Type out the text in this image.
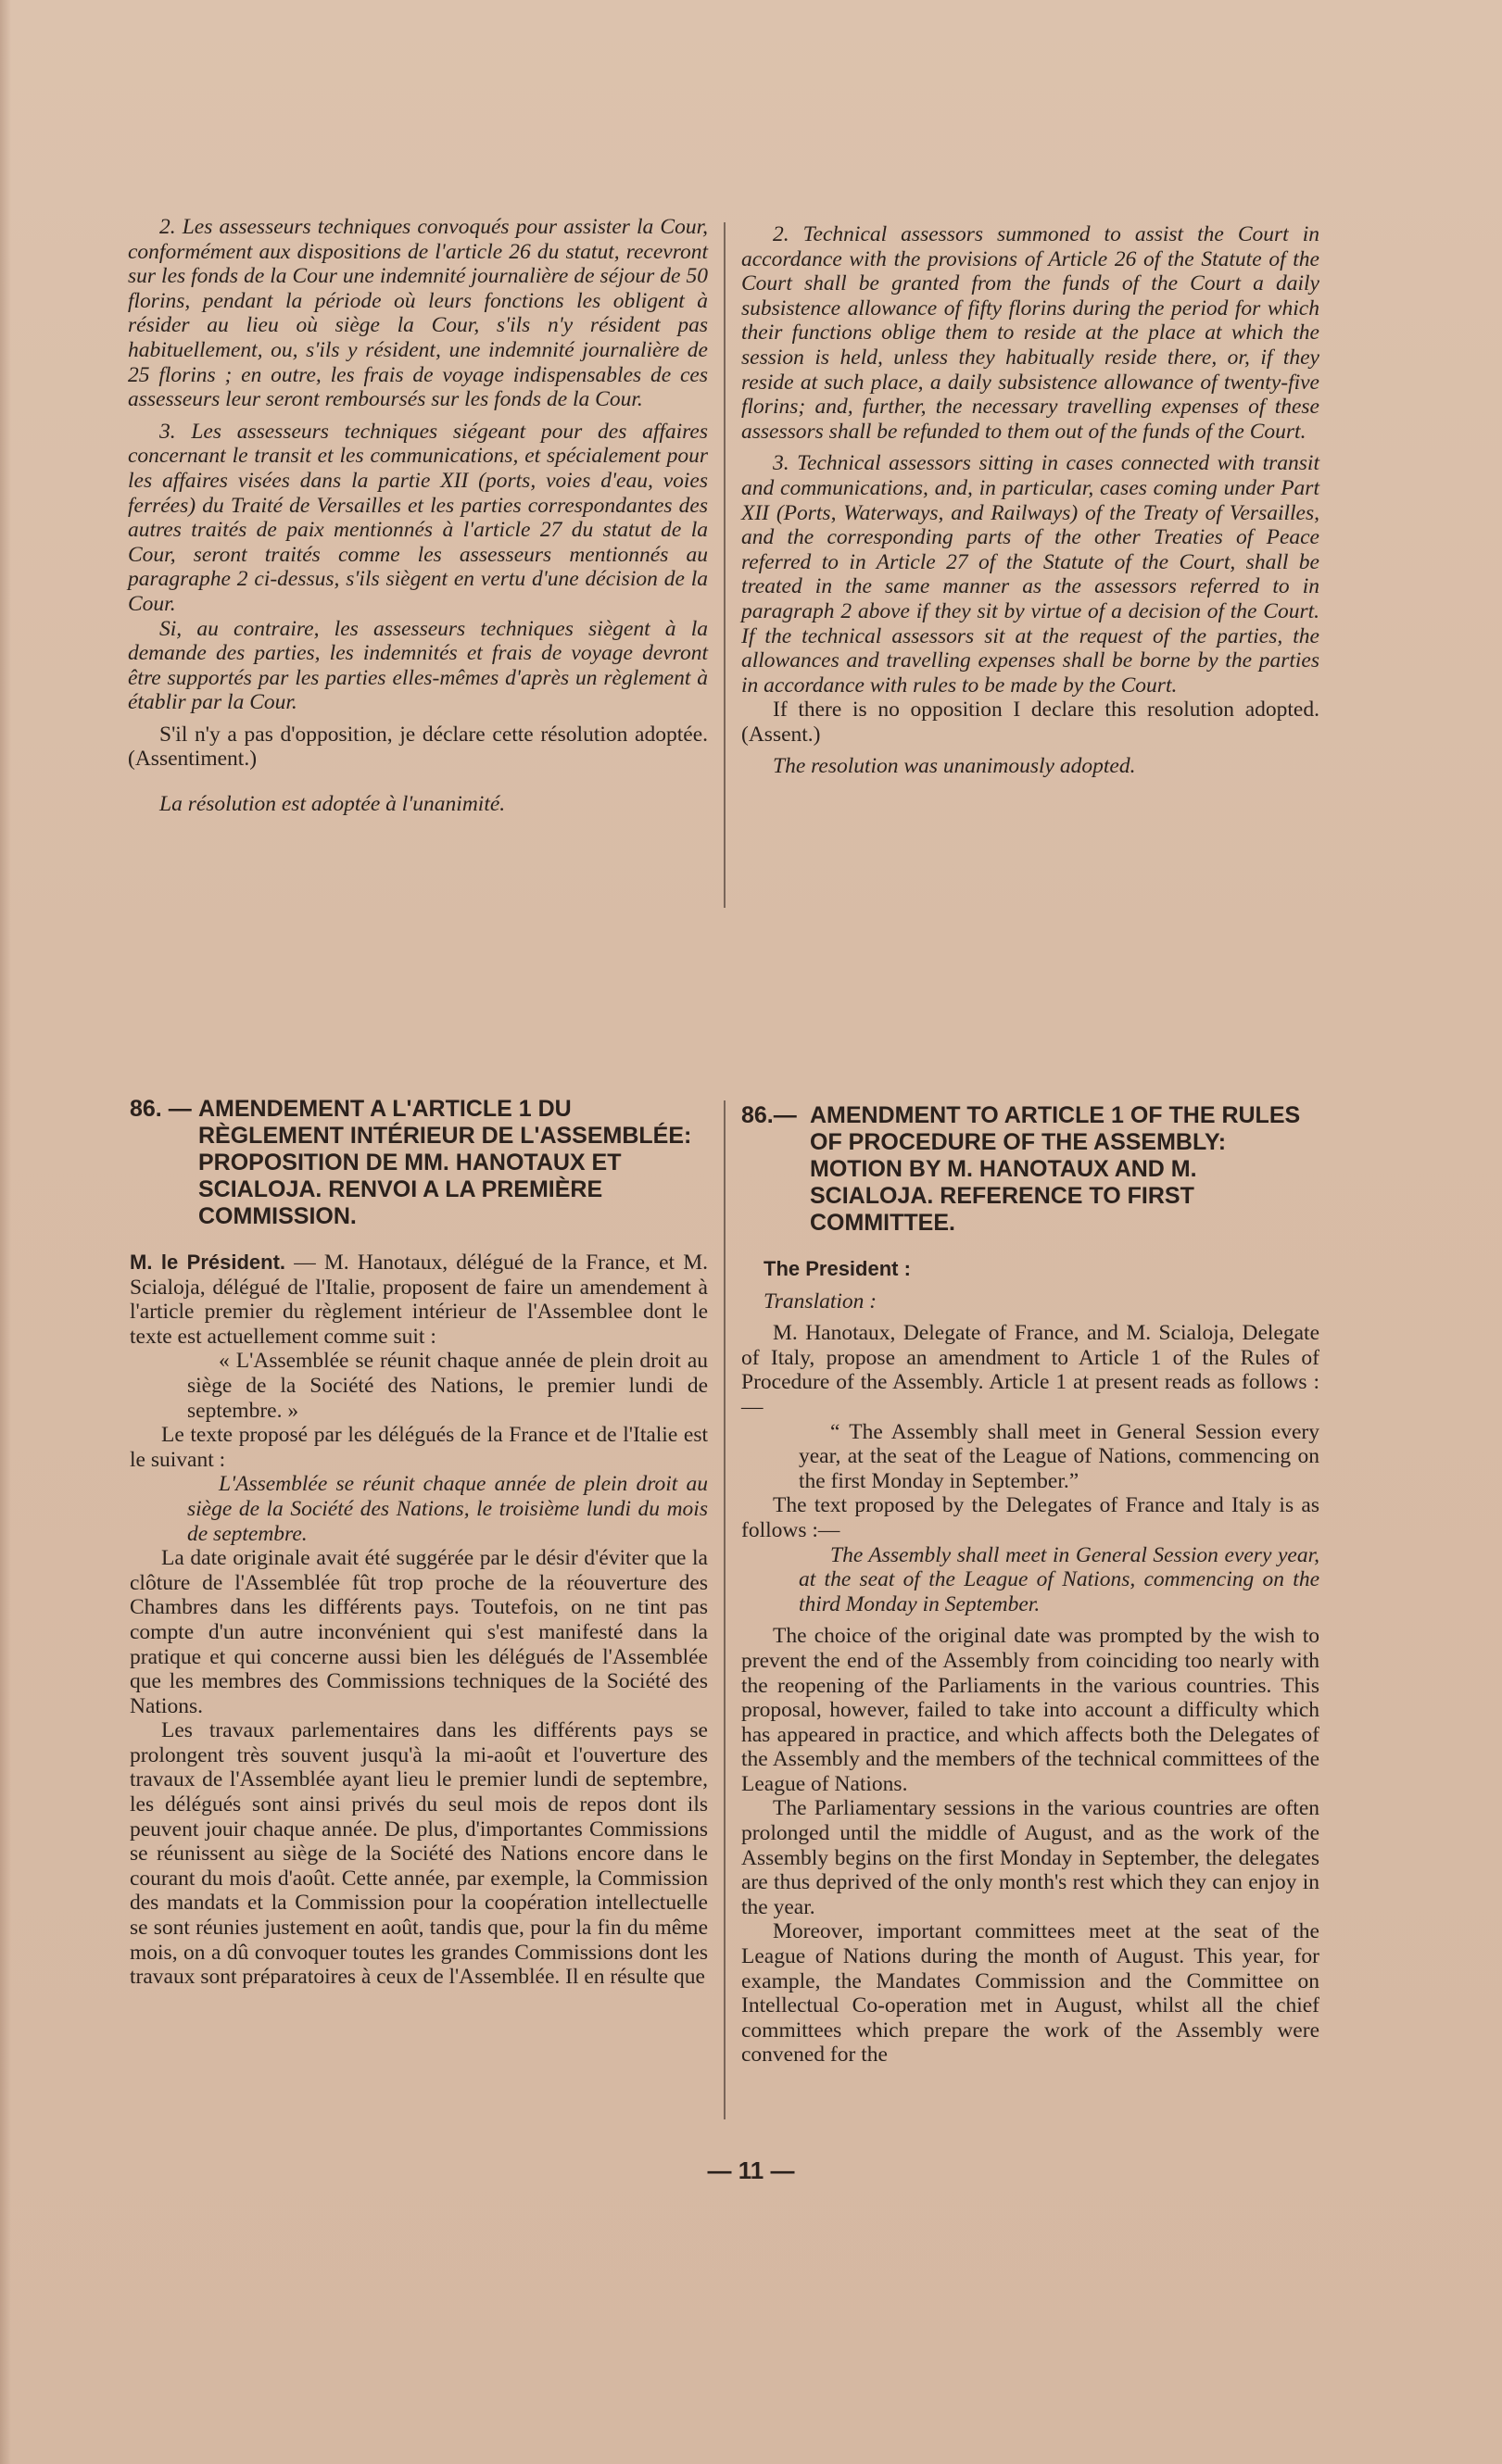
2. Les assesseurs techniques convoqués pour assister la Cour, conformément aux dispositions de l'article 26 du statut, recevront sur les fonds de la Cour une indemnité journalière de séjour de 50 florins, pendant la période où leurs fonctions les obligent à résider au lieu où siège la Cour, s'ils n'y résident pas habituellement, ou, s'ils y résident, une indemnité journalière de 25 florins ; en outre, les frais de voyage indispensables de ces assesseurs leur seront remboursés sur les fonds de la Cour.

3. Les assesseurs techniques siégeant pour des affaires concernant le transit et les communications, et spécialement pour les affaires visées dans la partie XII (ports, voies d'eau, voies ferrées) du Traité de Versailles et les parties correspondantes des autres traités de paix mentionnés à l'article 27 du statut de la Cour, seront traités comme les assesseurs mentionnés au paragraphe 2 ci-dessus, s'ils siègent en vertu d'une décision de la Cour.

Si, au contraire, les assesseurs techniques siègent à la demande des parties, les indemnités et frais de voyage devront être supportés par les parties elles-mêmes d'après un règlement à établir par la Cour.

S'il n'y a pas d'opposition, je déclare cette résolution adoptée. (Assentiment.)

La résolution est adoptée à l'unanimité.

2. Technical assessors summoned to assist the Court in accordance with the provisions of Article 26 of the Statute of the Court shall be granted from the funds of the Court a daily subsistence allowance of fifty florins during the period for which their functions oblige them to reside at the place at which the session is held, unless they habitually reside there, or, if they reside at such place, a daily subsistence allowance of twenty-five florins; and, further, the necessary travelling expenses of these assessors shall be refunded to them out of the funds of the Court.

3. Technical assessors sitting in cases connected with transit and communications, and, in particular, cases coming under Part XII (Ports, Waterways, and Railways) of the Treaty of Versailles, and the corresponding parts of the other Treaties of Peace referred to in Article 27 of the Statute of the Court, shall be treated in the same manner as the assessors referred to in paragraph 2 above if they sit by virtue of a decision of the Court. If the technical assessors sit at the request of the parties, the allowances and travelling expenses shall be borne by the parties in accordance with rules to be made by the Court.

If there is no opposition I declare this resolution adopted. (Assent.)

The resolution was unanimously adopted.

86. — AMENDEMENT A L'ARTICLE 1 DU RÈGLEMENT INTÉRIEUR DE L'ASSEMBLÉE: PROPOSITION DE MM. HANOTAUX ET SCIALOJA. RENVOI A LA PREMIÈRE COMMISSION.

M. le Président. — M. Hanotaux, délégué de la France, et M. Scialoja, délégué de l'Italie, proposent de faire un amendement à l'article premier du règlement intérieur de l'Assemblee dont le texte est actuellement comme suit :

« L'Assemblée se réunit chaque année de plein droit au siège de la Société des Nations, le premier lundi de septembre. »

Le texte proposé par les délégués de la France et de l'Italie est le suivant :

L'Assemblée se réunit chaque année de plein droit au siège de la Société des Nations, le troisième lundi du mois de septembre.

La date originale avait été suggérée par le désir d'éviter que la clôture de l'Assemblée fût trop proche de la réouverture des Chambres dans les différents pays. Toutefois, on ne tint pas compte d'un autre inconvénient qui s'est manifesté dans la pratique et qui concerne aussi bien les délégués de l'Assemblée que les membres des Commissions techniques de la Société des Nations.

Les travaux parlementaires dans les différents pays se prolongent très souvent jusqu'à la mi-août et l'ouverture des travaux de l'Assemblée ayant lieu le premier lundi de septembre, les délégués sont ainsi privés du seul mois de repos dont ils peuvent jouir chaque année. De plus, d'importantes Commissions se réunissent au siège de la Société des Nations encore dans le courant du mois d'août. Cette année, par exemple, la Commission des mandats et la Commission pour la coopération intellectuelle se sont réunies justement en août, tandis que, pour la fin du même mois, on a dû convoquer toutes les grandes Commissions dont les travaux sont préparatoires à ceux de l'Assemblée. Il en résulte que

86.— AMENDMENT TO ARTICLE 1 OF THE RULES OF PROCEDURE OF THE ASSEMBLY: MOTION BY M. HANOTAUX AND M. SCIALOJA. REFERENCE TO FIRST COMMITTEE.

The President :

Translation :

M. Hanotaux, Delegate of France, and M. Scialoja, Delegate of Italy, propose an amendment to Article 1 of the Rules of Procedure of the Assembly. Article 1 at present reads as follows :—

“ The Assembly shall meet in General Session every year, at the seat of the League of Nations, commencing on the first Monday in September.”

The text proposed by the Delegates of France and Italy is as follows :—

The Assembly shall meet in General Session every year, at the seat of the League of Nations, commencing on the third Monday in September.

The choice of the original date was prompted by the wish to prevent the end of the Assembly from coinciding too nearly with the reopening of the Parliaments in the various countries. This proposal, however, failed to take into account a difficulty which has appeared in practice, and which affects both the Delegates of the Assembly and the members of the technical committees of the League of Nations.

The Parliamentary sessions in the various countries are often prolonged until the middle of August, and as the work of the Assembly begins on the first Monday in September, the delegates are thus deprived of the only month's rest which they can enjoy in the year.

Moreover, important committees meet at the seat of the League of Nations during the month of August. This year, for example, the Mandates Commission and the Committee on Intellectual Co-operation met in August, whilst all the chief committees which prepare the work of the Assembly were convened for the

— 11 —
